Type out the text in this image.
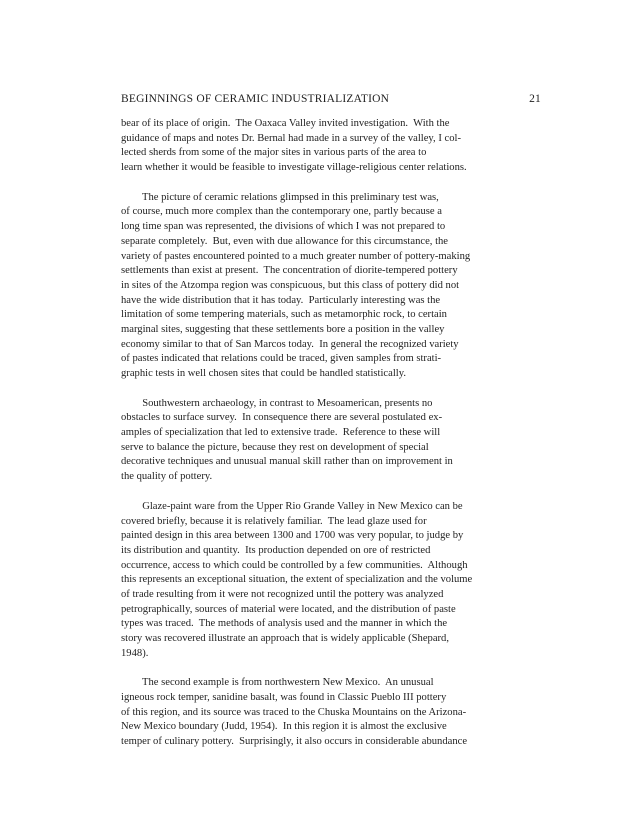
BEGINNINGS OF CERAMIC INDUSTRIALIZATION	21
bear of its place of origin.  The Oaxaca Valley invited investigation.  With the
guidance of maps and notes Dr. Bernal had made in a survey of the valley, I col-
lected sherds from some of the major sites in various parts of the area to
learn whether it would be feasible to investigate village-religious center relations.
The picture of ceramic relations glimpsed in this preliminary test was,
of course, much more complex than the contemporary one, partly because a
long time span was represented, the divisions of which I was not prepared to
separate completely.  But, even with due allowance for this circumstance, the
variety of pastes encountered pointed to a much greater number of pottery-making
settlements than exist at present.  The concentration of diorite-tempered pottery
in sites of the Atzompa region was conspicuous, but this class of pottery did not
have the wide distribution that it has today.  Particularly interesting was the
limitation of some tempering materials, such as metamorphic rock, to certain
marginal sites, suggesting that these settlements bore a position in the valley
economy similar to that of San Marcos today.  In general the recognized variety
of pastes indicated that relations could be traced, given samples from strati-
graphic tests in well chosen sites that could be handled statistically.
Southwestern archaeology, in contrast to Mesoamerican, presents no
obstacles to surface survey.  In consequence there are several postulated ex-
amples of specialization that led to extensive trade.  Reference to these will
serve to balance the picture, because they rest on development of special
decorative techniques and unusual manual skill rather than on improvement in
the quality of pottery.
Glaze-paint ware from the Upper Rio Grande Valley in New Mexico can be
covered briefly, because it is relatively familiar.  The lead glaze used for
painted design in this area between 1300 and 1700 was very popular, to judge by
its distribution and quantity.  Its production depended on ore of restricted
occurrence, access to which could be controlled by a few communities.  Although
this represents an exceptional situation, the extent of specialization and the volume
of trade resulting from it were not recognized until the pottery was analyzed
petrographically, sources of material were located, and the distribution of paste
types was traced.  The methods of analysis used and the manner in which the
story was recovered illustrate an approach that is widely applicable (Shepard,
1948).
The second example is from northwestern New Mexico.  An unusual
igneous rock temper, sanidine basalt, was found in Classic Pueblo III pottery
of this region, and its source was traced to the Chuska Mountains on the Arizona-
New Mexico boundary (Judd, 1954).  In this region it is almost the exclusive
temper of culinary pottery.  Surprisingly, it also occurs in considerable abundance
